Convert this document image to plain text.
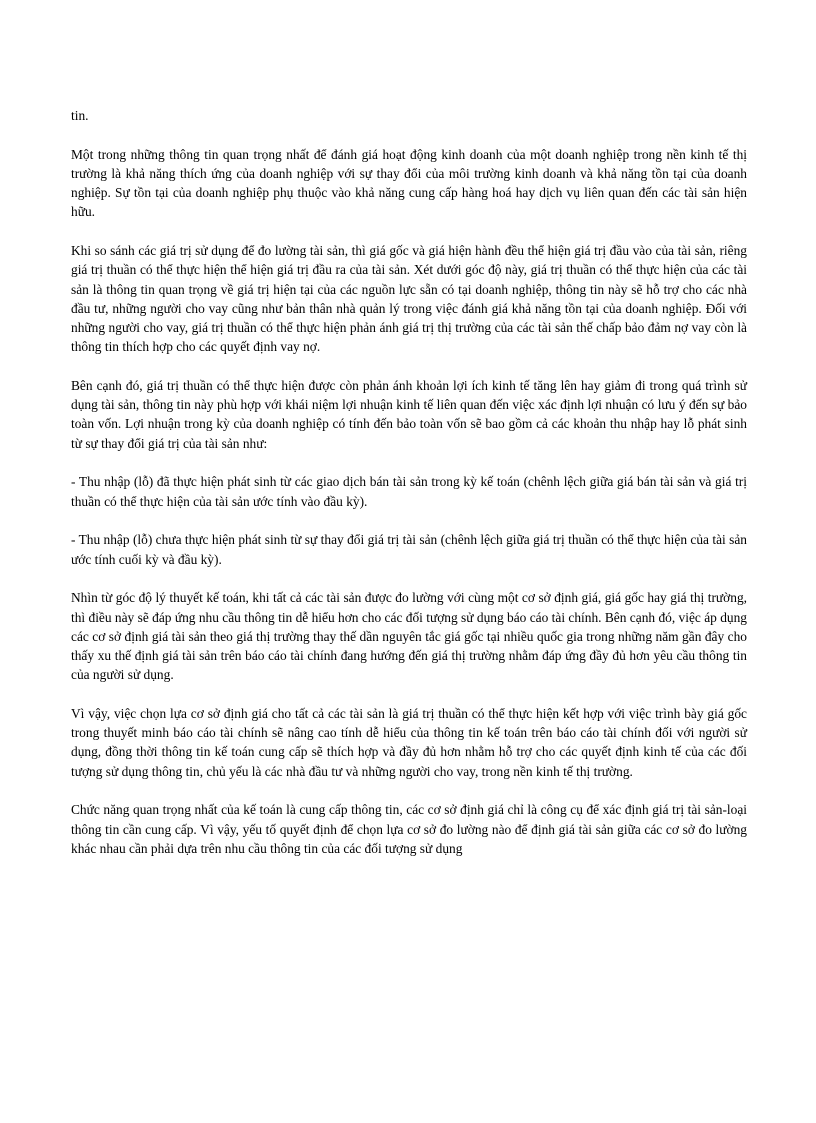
tin.

Một trong những thông tin quan trọng nhất để đánh giá hoạt động kinh doanh của một doanh nghiệp trong nền kinh tế thị trường là khả năng thích ứng của doanh nghiệp với sự thay đổi của môi trường kinh doanh và khả năng tồn tại của doanh nghiệp. Sự tồn tại của doanh nghiệp phụ thuộc vào khả năng cung cấp hàng hoá hay dịch vụ liên quan đến các tài sản hiện hữu.

Khi so sánh các giá trị sử dụng để đo lường tài sản, thì giá gốc và giá hiện hành đều thể hiện giá trị đầu vào của tài sản, riêng giá trị thuần có thể thực hiện thể hiện giá trị đầu ra của tài sản. Xét dưới góc độ này, giá trị thuần có thể thực hiện của các tài sản là thông tin quan trọng về giá trị hiện tại của các nguồn lực sẵn có tại doanh nghiệp, thông tin này sẽ hỗ trợ cho các nhà đầu tư, những người cho vay cũng như bản thân nhà quản lý trong việc đánh giá khả năng tồn tại của doanh nghiệp. Đối với những người cho vay, giá trị thuần có thể thực hiện phản ánh giá trị thị trường của các tài sản thế chấp bảo đảm nợ vay còn là thông tin thích hợp cho các quyết định vay nợ.

Bên cạnh đó, giá trị thuần có thể thực hiện được còn phản ánh khoản lợi ích kinh tế tăng lên hay giảm đi trong quá trình sử dụng tài sản, thông tin này phù hợp với khái niệm lợi nhuận kinh tế liên quan đến việc xác định lợi nhuận có lưu ý đến sự bảo toàn vốn. Lợi nhuận trong kỳ của doanh nghiệp có tính đến bảo toàn vốn sẽ bao gồm cả các khoản thu nhập hay lỗ phát sinh từ sự thay đổi giá trị của tài sản như:

- Thu nhập (lỗ) đã thực hiện phát sinh từ các giao dịch bán tài sản trong kỳ kế toán (chênh lệch giữa giá bán tài sản và giá trị thuần có thể thực hiện của tài sản ước tính vào đầu kỳ).

- Thu nhập (lỗ) chưa thực hiện phát sinh từ sự thay đổi giá trị tài sản (chênh lệch giữa giá trị thuần có thể thực hiện của tài sản ước tính cuối kỳ và đầu kỳ).

Nhìn từ góc độ lý thuyết kế toán, khi tất cả các tài sản được đo lường với cùng một cơ sở định giá, giá gốc hay giá thị trường, thì điều này sẽ đáp ứng nhu cầu thông tin dễ hiểu hơn cho các đối tượng sử dụng báo cáo tài chính. Bên cạnh đó, việc áp dụng các cơ sở định giá tài sản theo giá thị trường thay thế dần nguyên tắc giá gốc tại nhiều quốc gia trong những năm gần đây cho thấy xu thế định giá tài sản trên báo cáo tài chính đang hướng đến giá thị trường nhằm đáp ứng đầy đủ hơn yêu cầu thông tin của người sử dụng.

Vì vậy, việc chọn lựa cơ sở định giá cho tất cả các tài sản là giá trị thuần có thể thực hiện kết hợp với việc trình bày giá gốc trong thuyết minh báo cáo tài chính sẽ nâng cao tính dễ hiểu của thông tin kế toán trên báo cáo tài chính đối với người sử dụng, đồng thời thông tin kế toán cung cấp sẽ thích hợp và đầy đủ hơn nhằm hỗ trợ cho các quyết định kinh tế của các đối tượng sử dụng thông tin, chủ yếu là các nhà đầu tư và những người cho vay, trong nền kinh tế thị trường.

Chức năng quan trọng nhất của kế toán là cung cấp thông tin, các cơ sở định giá chỉ là công cụ để xác định giá trị tài sản-loại thông tin cần cung cấp. Vì vậy, yếu tố quyết định để chọn lựa cơ sở đo lường nào để định giá tài sản giữa các cơ sở đo lường khác nhau cần phải dựa trên nhu cầu thông tin của các đối tượng sử dụng
